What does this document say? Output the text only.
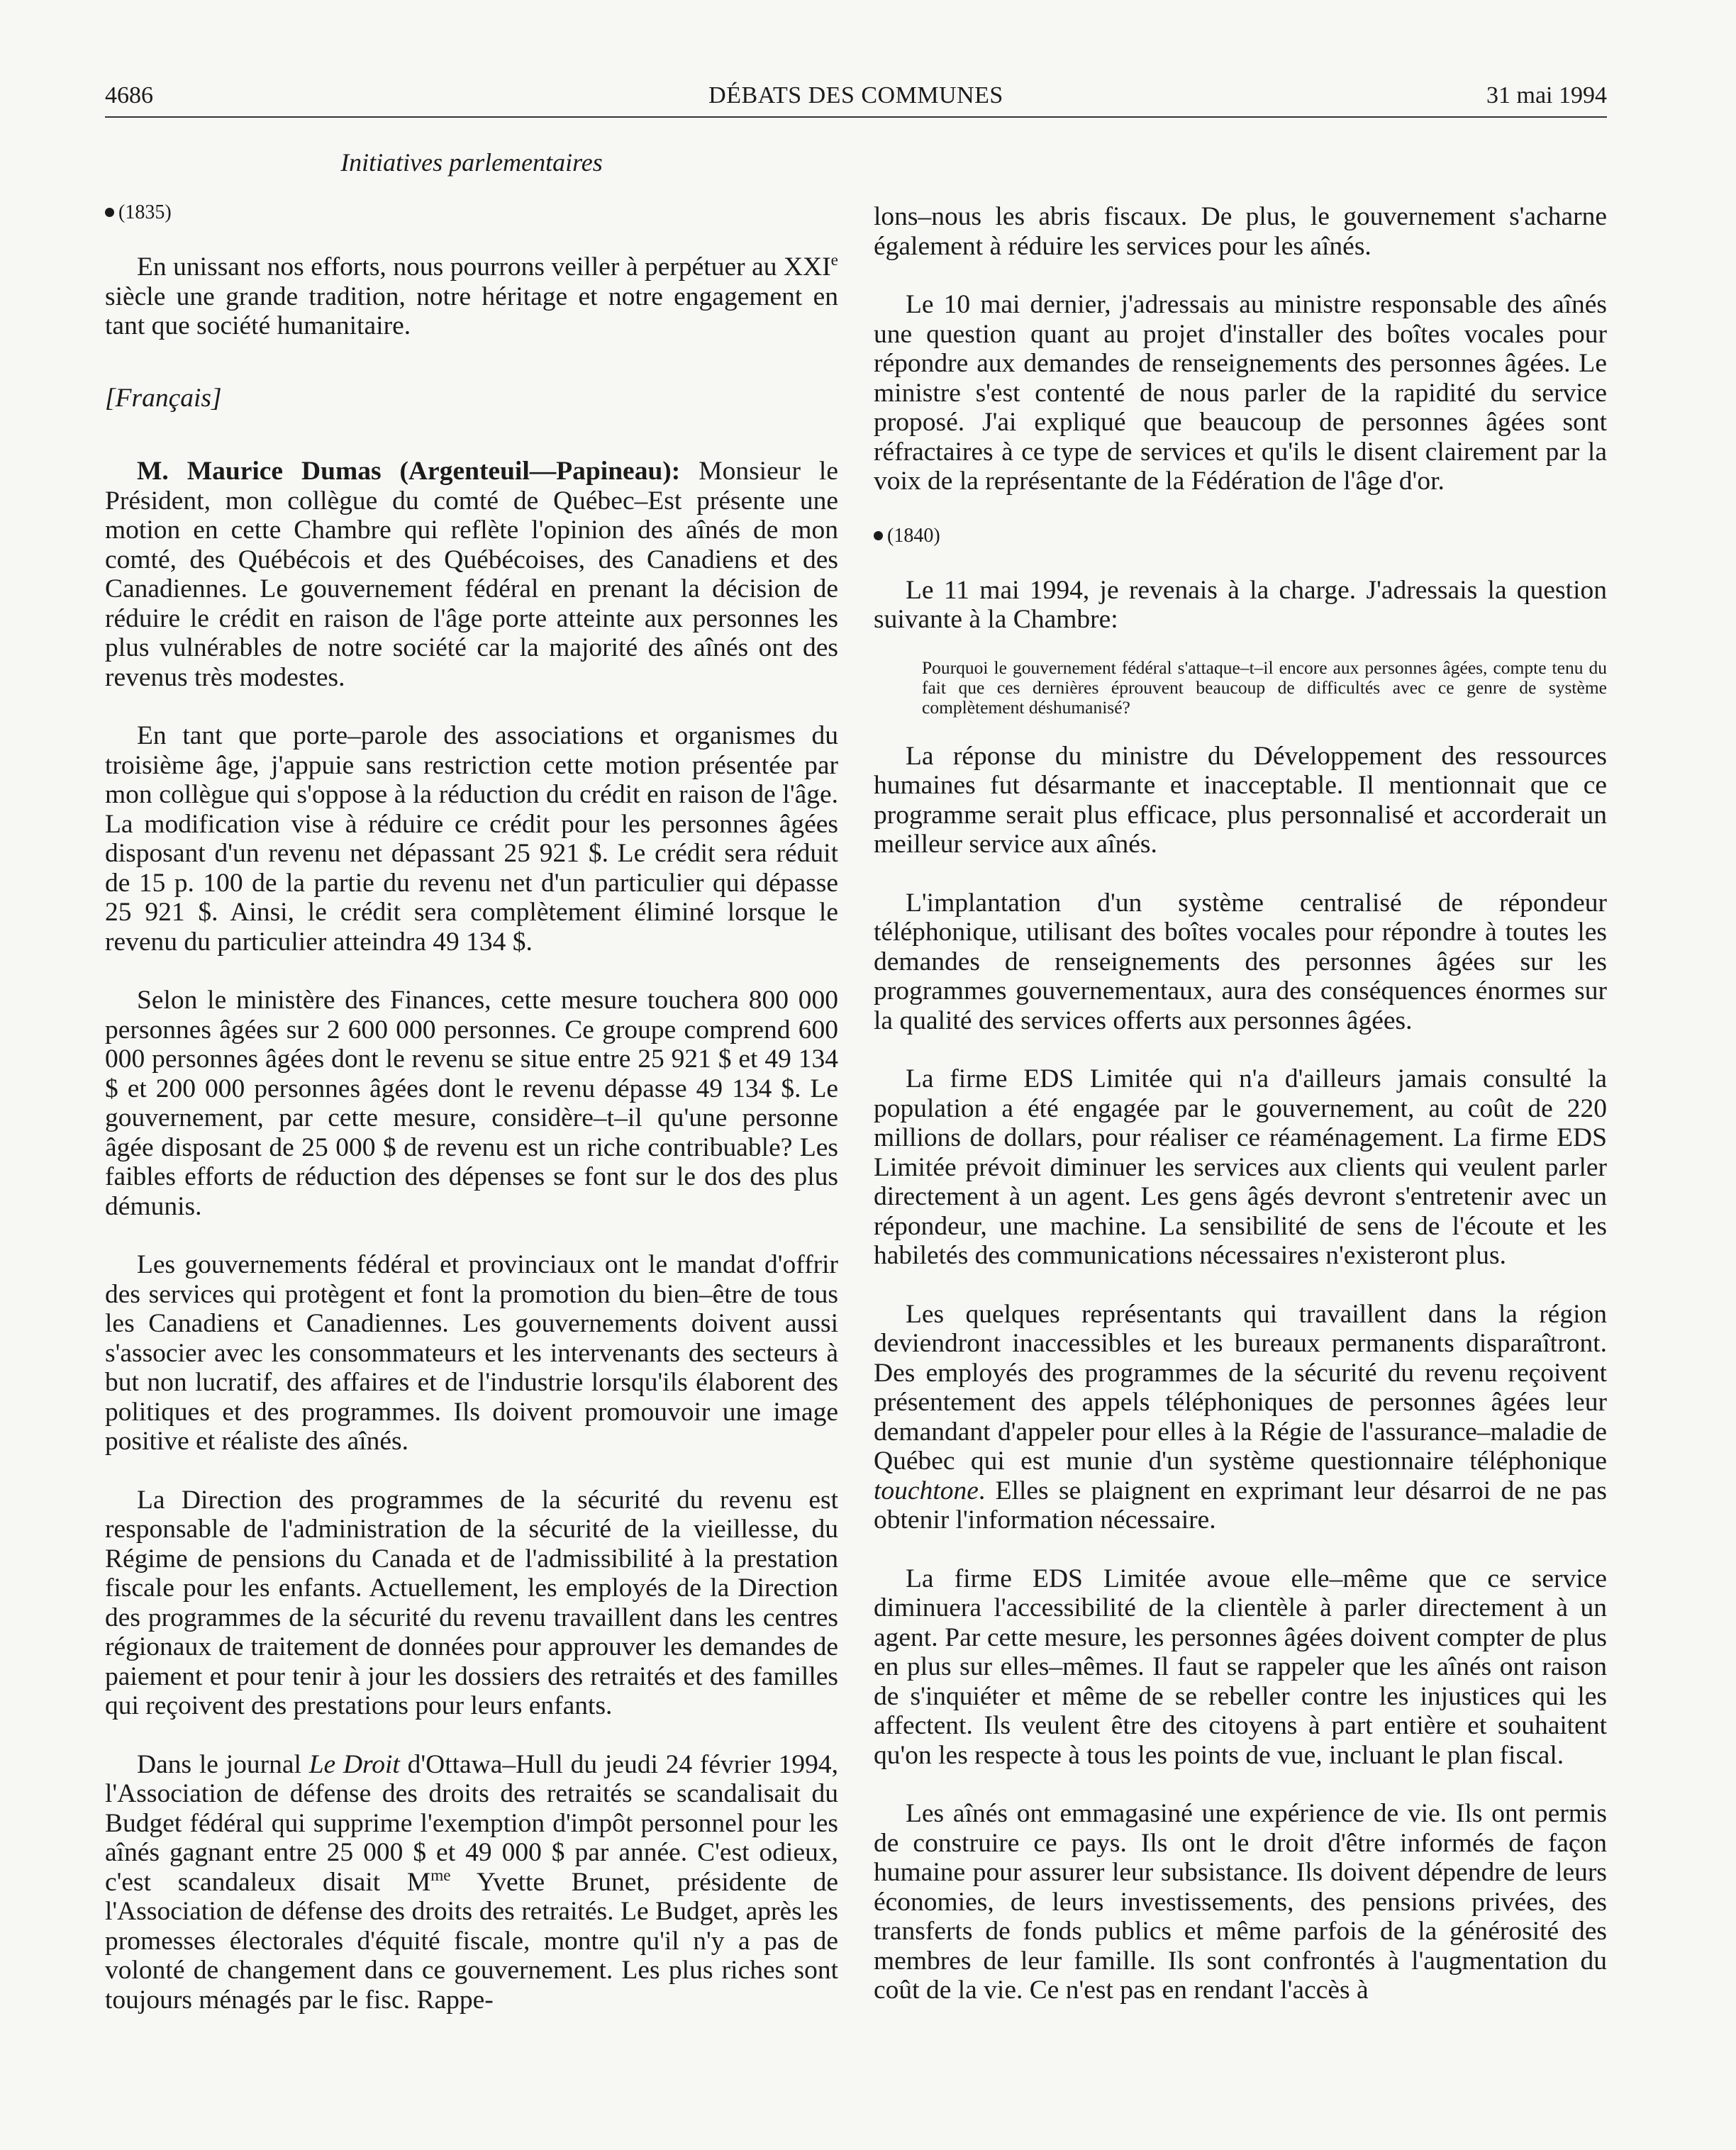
4686	DÉBATS DES COMMUNES	31 mai 1994
Initiatives parlementaires

(1835)

En unissant nos efforts, nous pourrons veiller à perpétuer au XXIe siècle une grande tradition, notre héritage et notre engagement en tant que société humanitaire.

[Français]

M. Maurice Dumas (Argenteuil—Papineau): Monsieur le Président, mon collègue du comté de Québec–Est présente une motion en cette Chambre qui reflète l'opinion des aînés de mon comté, des Québécois et des Québécoises, des Canadiens et des Canadiennes. Le gouvernement fédéral en prenant la décision de réduire le crédit en raison de l'âge porte atteinte aux personnes les plus vulnérables de notre société car la majorité des aînés ont des revenus très modestes.

En tant que porte–parole des associations et organismes du troisième âge, j'appuie sans restriction cette motion présentée par mon collègue qui s'oppose à la réduction du crédit en raison de l'âge. La modification vise à réduire ce crédit pour les personnes âgées disposant d'un revenu net dépassant 25 921 $. Le crédit sera réduit de 15 p. 100 de la partie du revenu net d'un particulier qui dépasse 25 921 $. Ainsi, le crédit sera complètement éliminé lorsque le revenu du particulier atteindra 49 134 $.

Selon le ministère des Finances, cette mesure touchera 800 000 personnes âgées sur 2 600 000 personnes. Ce groupe comprend 600 000 personnes âgées dont le revenu se situe entre 25 921 $ et 49 134 $ et 200 000 personnes âgées dont le revenu dépasse 49 134 $. Le gouvernement, par cette mesure, considère–t–il qu'une personne âgée disposant de 25 000 $ de revenu est un riche contribuable? Les faibles efforts de réduction des dépenses se font sur le dos des plus démunis.

Les gouvernements fédéral et provinciaux ont le mandat d'offrir des services qui protègent et font la promotion du bien–être de tous les Canadiens et Canadiennes. Les gouvernements doivent aussi s'associer avec les consommateurs et les intervenants des secteurs à but non lucratif, des affaires et de l'industrie lorsqu'ils élaborent des politiques et des programmes. Ils doivent promouvoir une image positive et réaliste des aînés.

La Direction des programmes de la sécurité du revenu est responsable de l'administration de la sécurité de la vieillesse, du Régime de pensions du Canada et de l'admissibilité à la prestation fiscale pour les enfants. Actuellement, les employés de la Direction des programmes de la sécurité du revenu travaillent dans les centres régionaux de traitement de données pour approuver les demandes de paiement et pour tenir à jour les dossiers des retraités et des familles qui reçoivent des prestations pour leurs enfants.

Dans le journal Le Droit d'Ottawa–Hull du jeudi 24 février 1994, l'Association de défense des droits des retraités se scandalisait du Budget fédéral qui supprime l'exemption d'impôt personnel pour les aînés gagnant entre 25 000 $ et 49 000 $ par année. C'est odieux, c'est scandaleux disait $M^{me}$ Yvette Brunet, présidente de l'Association de défense des droits des retraités. Le Budget, après les promesses électorales d'équité fiscale, montre qu'il n'y a pas de volonté de changement dans ce gouvernement. Les plus riches sont toujours ménagés par le fisc. Rappe-

lons–nous les abris fiscaux. De plus, le gouvernement s'acharne également à réduire les services pour les aînés.

Le 10 mai dernier, j'adressais au ministre responsable des aînés une question quant au projet d'installer des boîtes vocales pour répondre aux demandes de renseignements des personnes âgées. Le ministre s'est contenté de nous parler de la rapidité du service proposé. J'ai expliqué que beaucoup de personnes âgées sont réfractaires à ce type de services et qu'ils le disent clairement par la voix de la représentante de la Fédération de l'âge d'or.

(1840)

Le 11 mai 1994, je revenais à la charge. J'adressais la question suivante à la Chambre:

Pourquoi le gouvernement fédéral s'attaque–t–il encore aux personnes âgées, compte tenu du fait que ces dernières éprouvent beaucoup de difficultés avec ce genre de système complètement déshumanisé?

La réponse du ministre du Développement des ressources humaines fut désarmante et inacceptable. Il mentionnait que ce programme serait plus efficace, plus personnalisé et accorderait un meilleur service aux aînés.

L'implantation d'un système centralisé de répondeur téléphonique, utilisant des boîtes vocales pour répondre à toutes les demandes de renseignements des personnes âgées sur les programmes gouvernementaux, aura des conséquences énormes sur la qualité des services offerts aux personnes âgées.

La firme EDS Limitée qui n'a d'ailleurs jamais consulté la population a été engagée par le gouvernement, au coût de 220 millions de dollars, pour réaliser ce réaménagement. La firme EDS Limitée prévoit diminuer les services aux clients qui veulent parler directement à un agent. Les gens âgés devront s'entretenir avec un répondeur, une machine. La sensibilité de sens de l'écoute et les habiletés des communications nécessaires n'existeront plus.

Les quelques représentants qui travaillent dans la région deviendront inaccessibles et les bureaux permanents disparaîtront. Des employés des programmes de la sécurité du revenu reçoivent présentement des appels téléphoniques de personnes âgées leur demandant d'appeler pour elles à la Régie de l'assurance–maladie de Québec qui est munie d'un système questionnaire téléphonique touchtone. Elles se plaignent en exprimant leur désarroi de ne pas obtenir l'information nécessaire.

La firme EDS Limitée avoue elle–même que ce service diminuera l'accessibilité de la clientèle à parler directement à un agent. Par cette mesure, les personnes âgées doivent compter de plus en plus sur elles–mêmes. Il faut se rappeler que les aînés ont raison de s'inquiéter et même de se rebeller contre les injustices qui les affectent. Ils veulent être des citoyens à part entière et souhaitent qu'on les respecte à tous les points de vue, incluant le plan fiscal.

Les aînés ont emmagasiné une expérience de vie. Ils ont permis de construire ce pays. Ils ont le droit d'être informés de façon humaine pour assurer leur subsistance. Ils doivent dépendre de leurs économies, de leurs investissements, des pensions privées, des transferts de fonds publics et même parfois de la générosité des membres de leur famille. Ils sont confrontés à l'augmentation du coût de la vie. Ce n'est pas en rendant l'accès à
